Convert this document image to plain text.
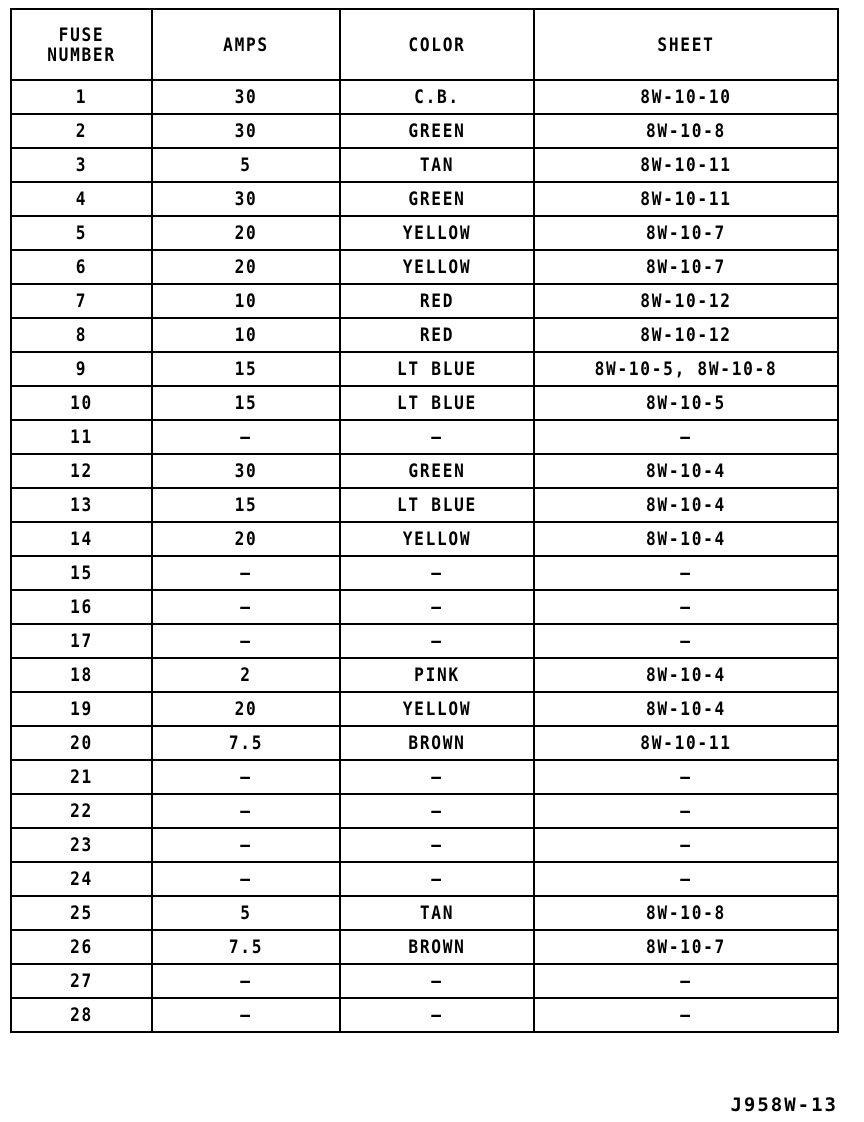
FUSE
NUMBER	AMPS	COLOR	SHEET
1	30	C.B.	8W-10-10
2	30	GREEN	8W-10-8
3	5	TAN	8W-10-11
4	30	GREEN	8W-10-11
5	20	YELLOW	8W-10-7
6	20	YELLOW	8W-10-7
7	10	RED	8W-10-12
8	10	RED	8W-10-12
9	15	LT BLUE	8W-10-5, 8W-10-8
10	15	LT BLUE	8W-10-5
11	—	—	—
12	30	GREEN	8W-10-4
13	15	LT BLUE	8W-10-4
14	20	YELLOW	8W-10-4
15	—	—	—
16	—	—	—
17	—	—	—
18	2	PINK	8W-10-4
19	20	YELLOW	8W-10-4
20	7.5	BROWN	8W-10-11
21	—	—	—
22	—	—	—
23	—	—	—
24	—	—	—
25	5	TAN	8W-10-8
26	7.5	BROWN	8W-10-7
27	—	—	—
28	—	—	—
J958W-13
